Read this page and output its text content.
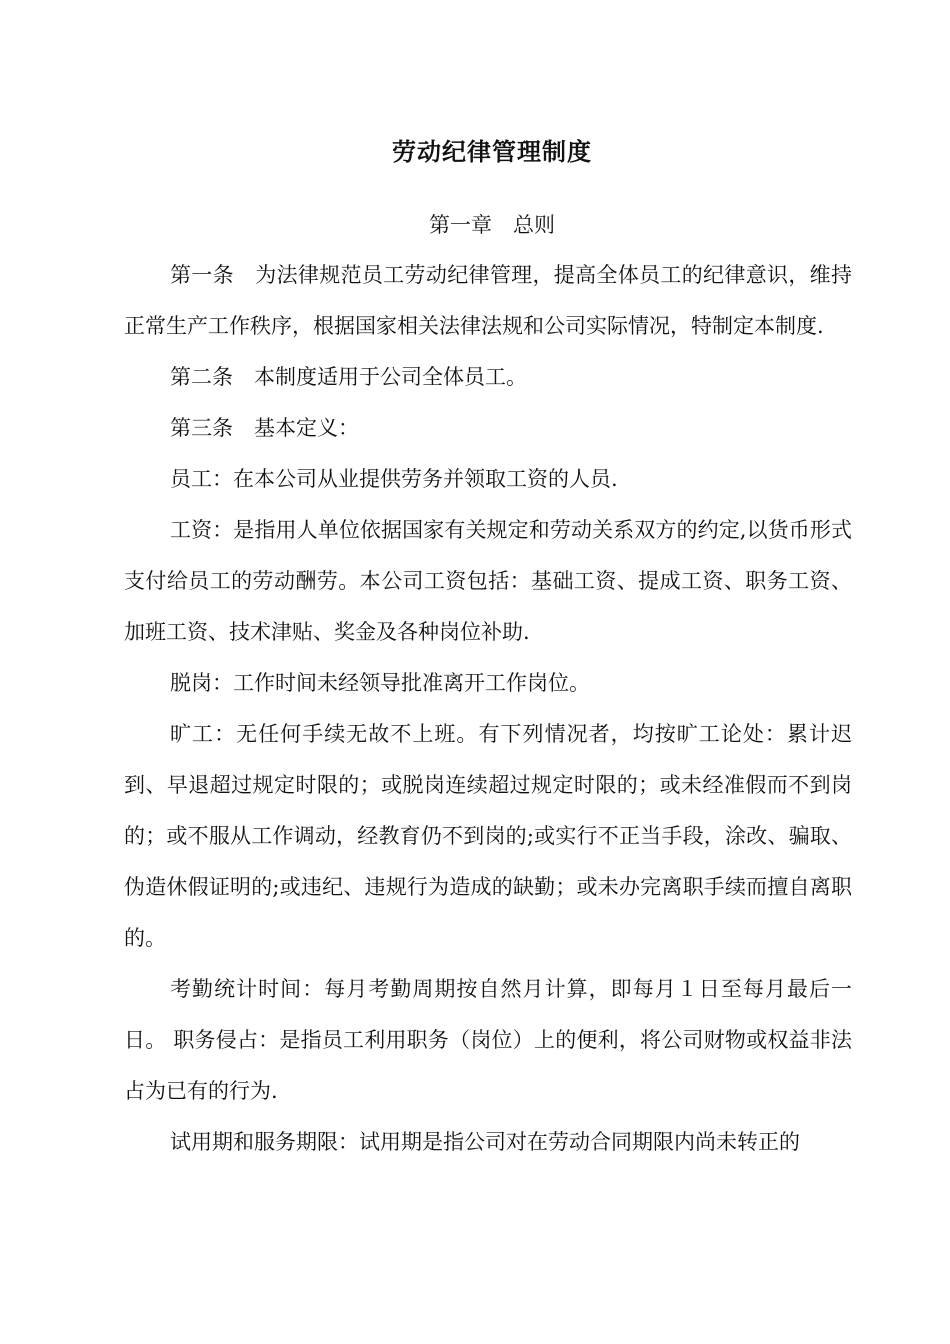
劳动纪律管理制度

第一章　总则

第一条　为法律规范员工劳动纪律管理，提高全体员工的纪律意识，维持正常生产工作秩序，根据国家相关法律法规和公司实际情况，特制定本制度.

第二条　本制度适用于公司全体员工。

第三条　基本定义：

员工：在本公司从业提供劳务并领取工资的人员.

工资：是指用人单位依据国家有关规定和劳动关系双方的约定,以货币形式支付给员工的劳动酬劳。本公司工资包括：基础工资、提成工资、职务工资、加班工资、技术津贴、奖金及各种岗位补助.

脱岗：工作时间未经领导批准离开工作岗位。

旷工：无任何手续无故不上班。有下列情况者，均按旷工论处：累计迟到、早退超过规定时限的；或脱岗连续超过规定时限的；或未经准假而不到岗的；或不服从工作调动，经教育仍不到岗的;或实行不正当手段，涂改、骗取、伪造休假证明的;或违纪、违规行为造成的缺勤；或未办完离职手续而擅自离职的。

考勤统计时间：每月考勤周期按自然月计算，即每月１日至每月最后一日。 职务侵占：是指员工利用职务（岗位）上的便利，将公司财物或权益非法占为已有的行为.

试用期和服务期限：试用期是指公司对在劳动合同期限内尚未转正的
